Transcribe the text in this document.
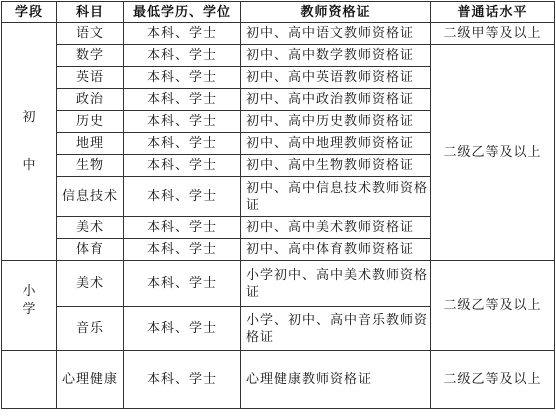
学段	科目	最低学历、学位	教师资格证	普通话水平

初
中	语文	本科、学士	初中、高中语文教师资格证	二级甲等及以上
	数学	本科、学士	初中、高中数学教师资格证	二级乙等及以上
	英语	本科、学士	初中、高中英语教师资格证	
	政治	本科、学士	初中、高中政治教师资格证	
	历史	本科、学士	初中、高中历史教师资格证	
	地理	本科、学士	初中、高中地理教师资格证	
	生物	本科、学士	初中、高中生物教师资格证	
	信息技术	本科、学士	初中、高中信息技术教师资格证	
	美术	本科、学士	初中、高中美术教师资格证	
	体育	本科、学士	初中、高中体育教师资格证	

小
学	美术	本科、学士	小学初中、高中美术教师资格证	二级乙等及以上
	音乐	本科、学士	小学、初中、高中音乐教师资格证	
	心理健康	本科、学士	心理健康教师资格证	二级乙等及以上
